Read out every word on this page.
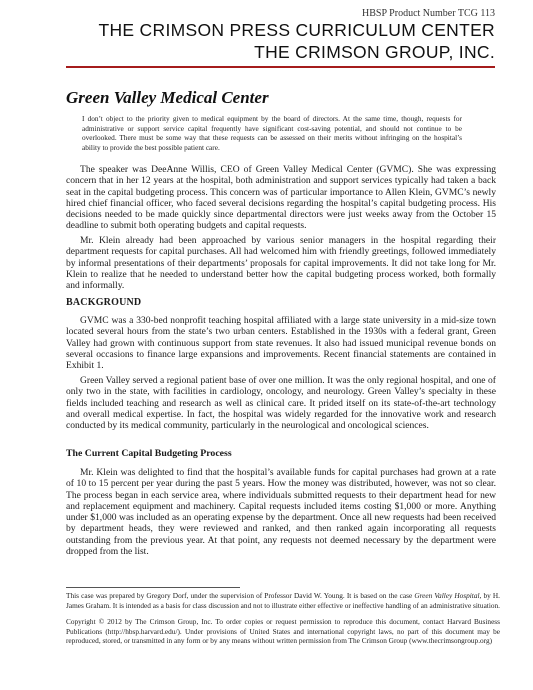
HBSP Product Number TCG 113
THE CRIMSON PRESS CURRICULUM CENTER
THE CRIMSON GROUP, INC.
Green Valley Medical Center
I don’t object to the priority given to medical equipment by the board of directors. At the same time, though, requests for administrative or support service capital frequently have significant cost-saving potential, and should not continue to be overlooked. There must be some way that these requests can be assessed on their merits without infringing on the hospital’s ability to provide the best possible patient care.

The speaker was DeeAnne Willis, CEO of Green Valley Medical Center (GVMC). She was expressing concern that in her 12 years at the hospital, both administration and support services typically had taken a back seat in the capital budgeting process. This concern was of particular importance to Allen Klein, GVMC’s newly hired chief financial officer, who faced several decisions regarding the hospital’s capital budgeting process. His decisions needed to be made quickly since departmental directors were just weeks away from the October 15 deadline to submit both operating budgets and capital requests.

Mr. Klein already had been approached by various senior managers in the hospital regarding their department requests for capital purchases. All had welcomed him with friendly greetings, followed immediately by informal presentations of their departments’ proposals for capital improvements. It did not take long for Mr. Klein to realize that he needed to understand better how the capital budgeting process worked, both formally and informally.

BACKGROUND

GVMC was a 330-bed nonprofit teaching hospital affiliated with a large state university in a mid-size town located several hours from the state’s two urban centers. Established in the 1930s with a federal grant, Green Valley had grown with continuous support from state revenues. It also had issued municipal revenue bonds on several occasions to finance large expansions and improvements. Recent financial statements are contained in Exhibit 1.

Green Valley served a regional patient base of over one million. It was the only regional hospital, and one of only two in the state, with facilities in cardiology, oncology, and neurology. Green Valley’s specialty in these fields included teaching and research as well as clinical care. It prided itself on its state-of-the-art technology and overall medical expertise. In fact, the hospital was widely regarded for the innovative work and research conducted by its medical community, particularly in the neurological and oncological sciences.

The Current Capital Budgeting Process

Mr. Klein was delighted to find that the hospital’s available funds for capital purchases had grown at a rate of 10 to 15 percent per year during the past 5 years. How the money was distributed, however, was not so clear. The process began in each service area, where individuals submitted requests to their department head for new and replacement equipment and machinery. Capital requests included items costing $1,000 or more. Anything under $1,000 was included as an operating expense by the department. Once all new requests had been received by department heads, they were reviewed and ranked, and then ranked again incorporating all requests outstanding from the previous year. At that point, any requests not deemed necessary by the department were dropped from the list.

This case was prepared by Gregory Dorf, under the supervision of Professor David W. Young. It is based on the case Green Valley Hospital, by H. James Graham. It is intended as a basis for class discussion and not to illustrate either effective or ineffective handling of an administrative situation.
Copyright © 2012 by The Crimson Group, Inc. To order copies or request permission to reproduce this document, contact Harvard Business Publications (http://hbsp.harvard.edu/). Under provisions of United States and international copyright laws, no part of this document may be reproduced, stored, or transmitted in any form or by any means without written permission from The Crimson Group (www.thecrimsongroup.org)
